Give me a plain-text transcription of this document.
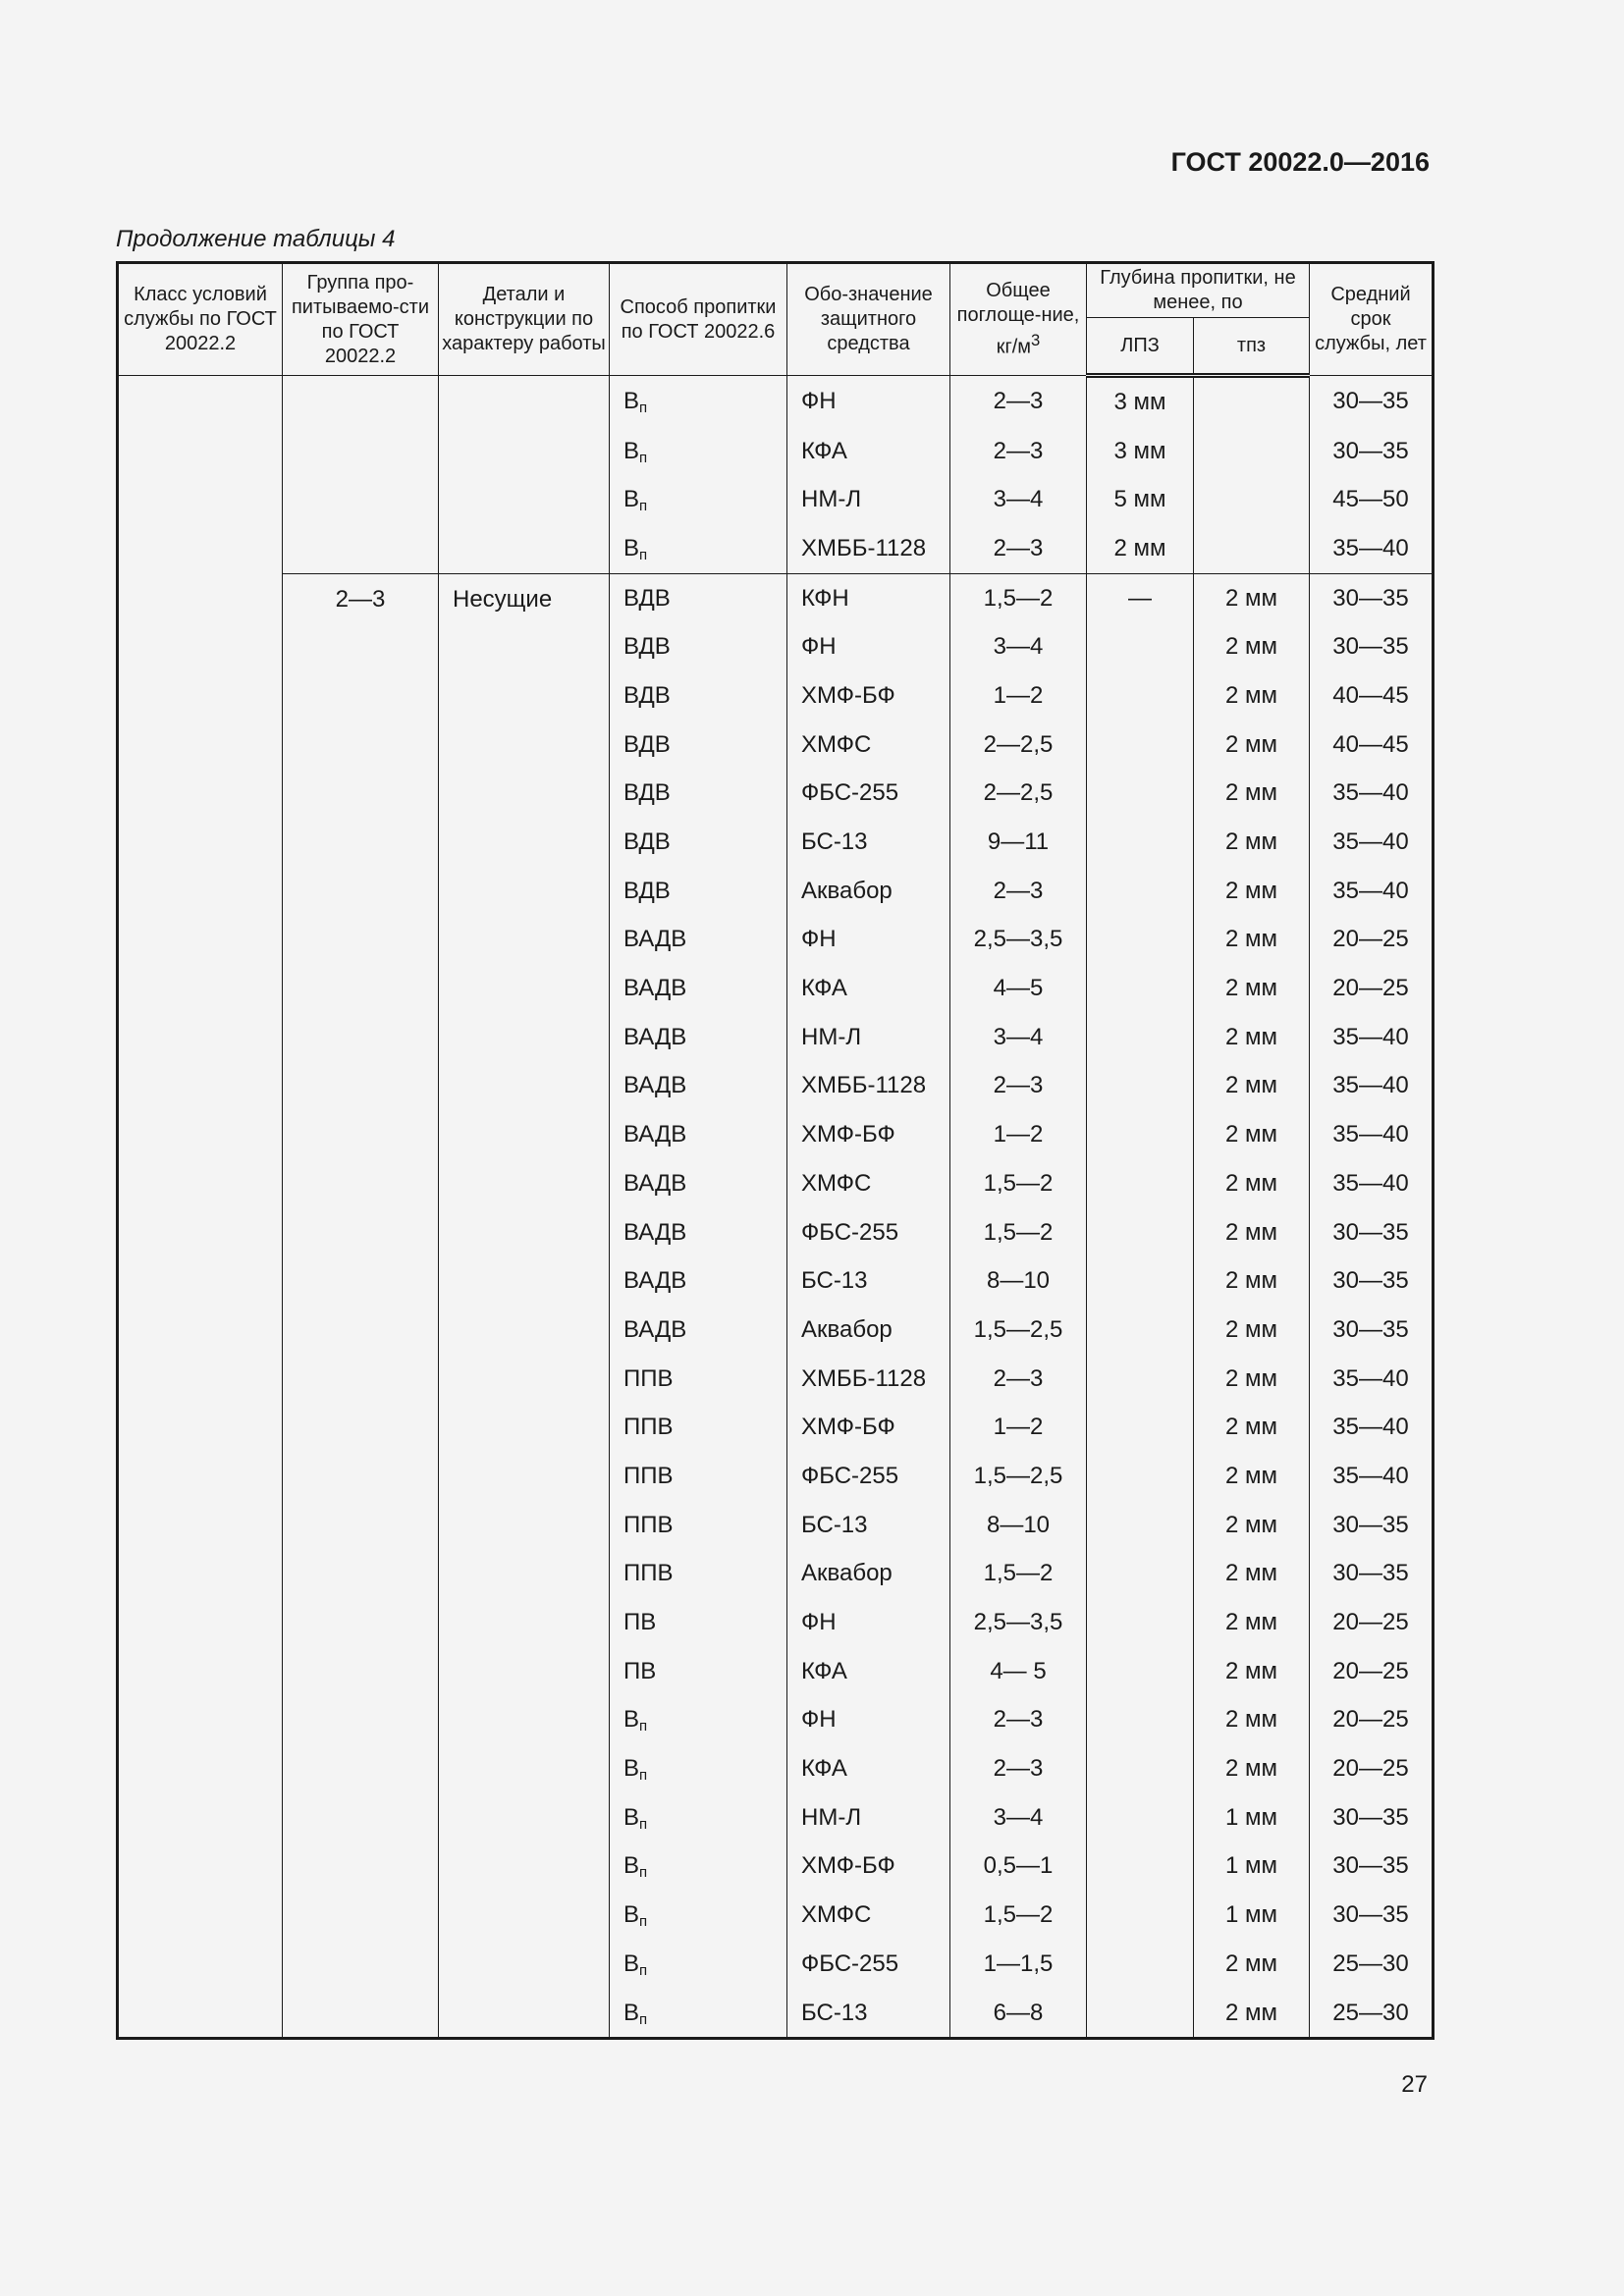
ГОСТ 20022.0—2016
Продолжение таблицы 4
Класс условий службы по ГОСТ 20022.2	Группа про-питываемо-сти по ГОСТ 20022.2	Детали и конструкции по характеру работы	Способ пропитки по ГОСТ 20022.6	Обо-значение защитного средства	Общее поглоще-ние, $кг/м^3$	Глубина пропитки, не менее, по		Средний срок службы, лет
						ЛПЗ	тпз	
			$В_п$	ФН	2—3	3 мм		30—35
			$В_п$	КФА	2—3	3 мм		30—35
			$В_п$	НМ-Л	3—4	5 мм		45—50
			$В_п$	ХМББ-1128	2—3	2 мм		35—40
	2—3	Несущие	ВДВ	КФН	1,5—2	—	2 мм	30—35
			ВДВ	ФН	3—4		2 мм	30—35
			ВДВ	ХМФ-БФ	1—2		2 мм	40—45
			ВДВ	ХМФС	2—2,5		2 мм	40—45
			ВДВ	ФБС-255	2—2,5		2 мм	35—40
			ВДВ	БС-13	9—11		2 мм	35—40
			ВДВ	Аквабор	2—3		2 мм	35—40
			ВАДВ	ФН	2,5—3,5		2 мм	20—25
			ВАДВ	КФА	4—5		2 мм	20—25
			ВАДВ	НМ-Л	3—4		2 мм	35—40
			ВАДВ	ХМББ-1128	2—3		2 мм	35—40
			ВАДВ	ХМФ-БФ	1—2		2 мм	35—40
			ВАДВ	ХМФС	1,5—2		2 мм	35—40
			ВАДВ	ФБС-255	1,5—2		2 мм	30—35
			ВАДВ	БС-13	8—10		2 мм	30—35
			ВАДВ	Аквабор	1,5—2,5		2 мм	30—35
			ППВ	ХМББ-1128	2—3		2 мм	35—40
			ППВ	ХМФ-БФ	1—2		2 мм	35—40
			ППВ	ФБС-255	1,5—2,5		2 мм	35—40
			ППВ	БС-13	8—10		2 мм	30—35
			ППВ	Аквабор	1,5—2		2 мм	30—35
			ПВ	ФН	2,5—3,5		2 мм	20—25
			ПВ	КФА	4— 5		2 мм	20—25
			$В_п$	ФН	2—3		2 мм	20—25
			$В_п$	КФА	2—3		2 мм	20—25
			$В_п$	НМ-Л	3—4		1 мм	30—35
			$В_п$	ХМФ-БФ	0,5—1		1 мм	30—35
			$В_п$	ХМФС	1,5—2		1 мм	30—35
			$В_п$	ФБС-255	1—1,5		2 мм	25—30
			$В_п$	БС-13	6—8		2 мм	25—30
27
